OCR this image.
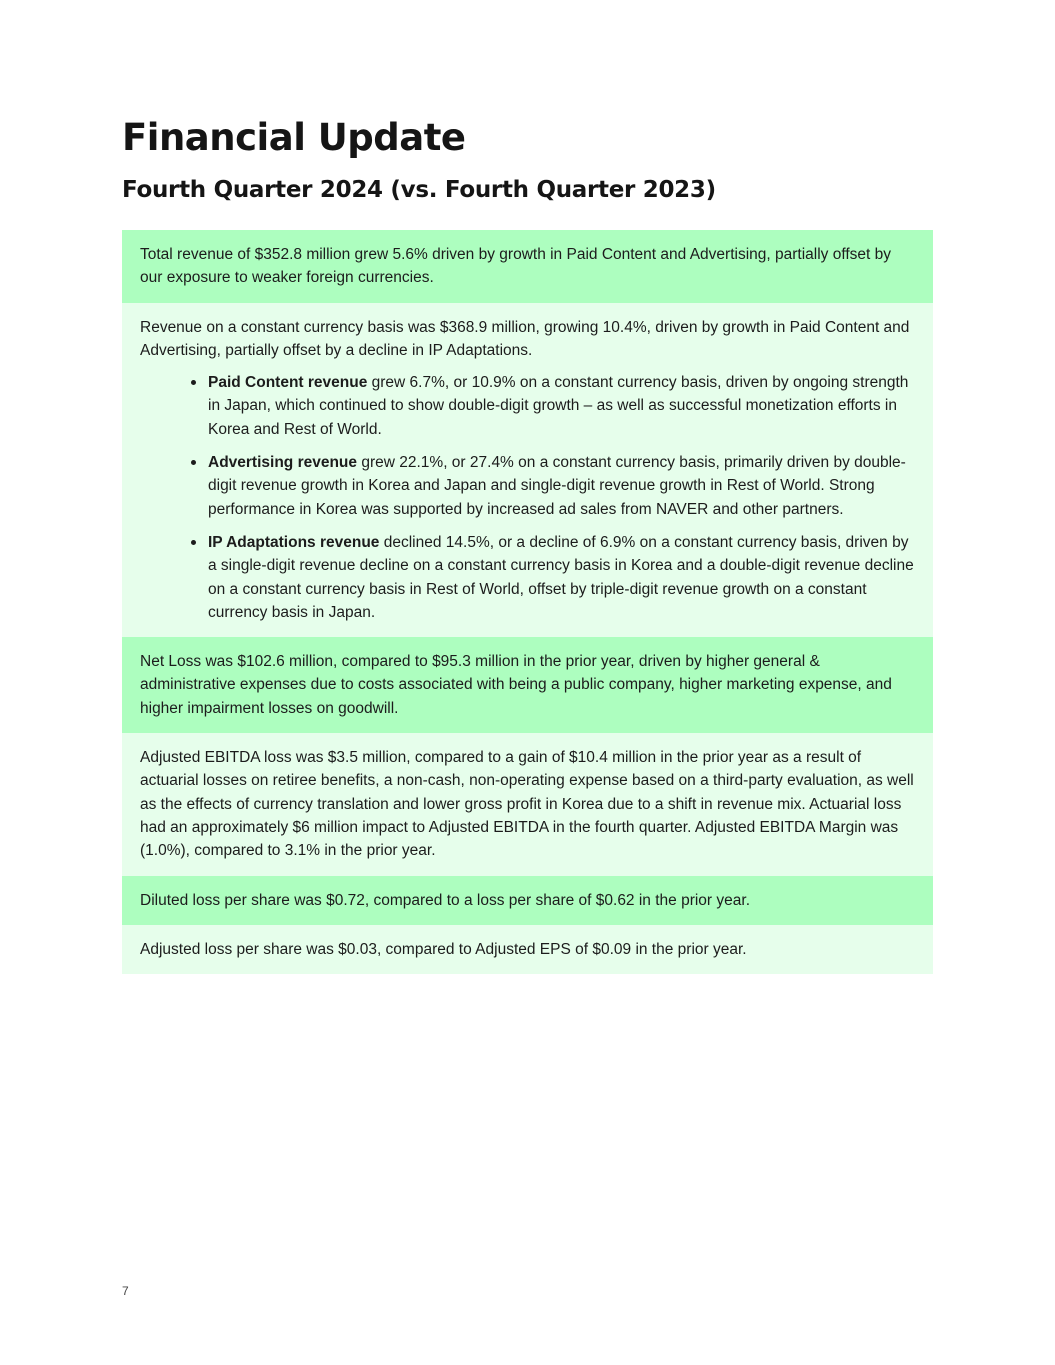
Financial Update
Fourth Quarter 2024 (vs. Fourth Quarter 2023)

Total revenue of $352.8 million grew 5.6% driven by growth in Paid Content and Advertising, partially offset by our exposure to weaker foreign currencies.

Revenue on a constant currency basis was $368.9 million, growing 10.4%, driven by growth in Paid Content and Advertising, partially offset by a decline in IP Adaptations.

Paid Content revenue grew 6.7%, or 10.9% on a constant currency basis, driven by ongoing strength in Japan, which continued to show double-digit growth – as well as successful monetization efforts in Korea and Rest of World.
Advertising revenue grew 22.1%, or 27.4% on a constant currency basis, primarily driven by double-digit revenue growth in Korea and Japan and single-digit revenue growth in Rest of World. Strong performance in Korea was supported by increased ad sales from NAVER and other partners.
IP Adaptations revenue declined 14.5%, or a decline of 6.9% on a constant currency basis, driven by a single-digit revenue decline on a constant currency basis in Korea and a double-digit revenue decline on a constant currency basis in Rest of World, offset by triple-digit revenue growth on a constant currency basis in Japan.

Net Loss was $102.6 million, compared to $95.3 million in the prior year, driven by higher general & administrative expenses due to costs associated with being a public company, higher marketing expense, and higher impairment losses on goodwill.

Adjusted EBITDA loss was $3.5 million, compared to a gain of $10.4 million in the prior year as a result of actuarial losses on retiree benefits, a non-cash, non-operating expense based on a third-party evaluation, as well as the effects of currency translation and lower gross profit in Korea due to a shift in revenue mix. Actuarial loss had an approximately $6 million impact to Adjusted EBITDA in the fourth quarter. Adjusted EBITDA Margin was (1.0%), compared to 3.1% in the prior year.

Diluted loss per share was $0.72, compared to a loss per share of $0.62 in the prior year.

Adjusted loss per share was $0.03, compared to Adjusted EPS of $0.09 in the prior year.

7
